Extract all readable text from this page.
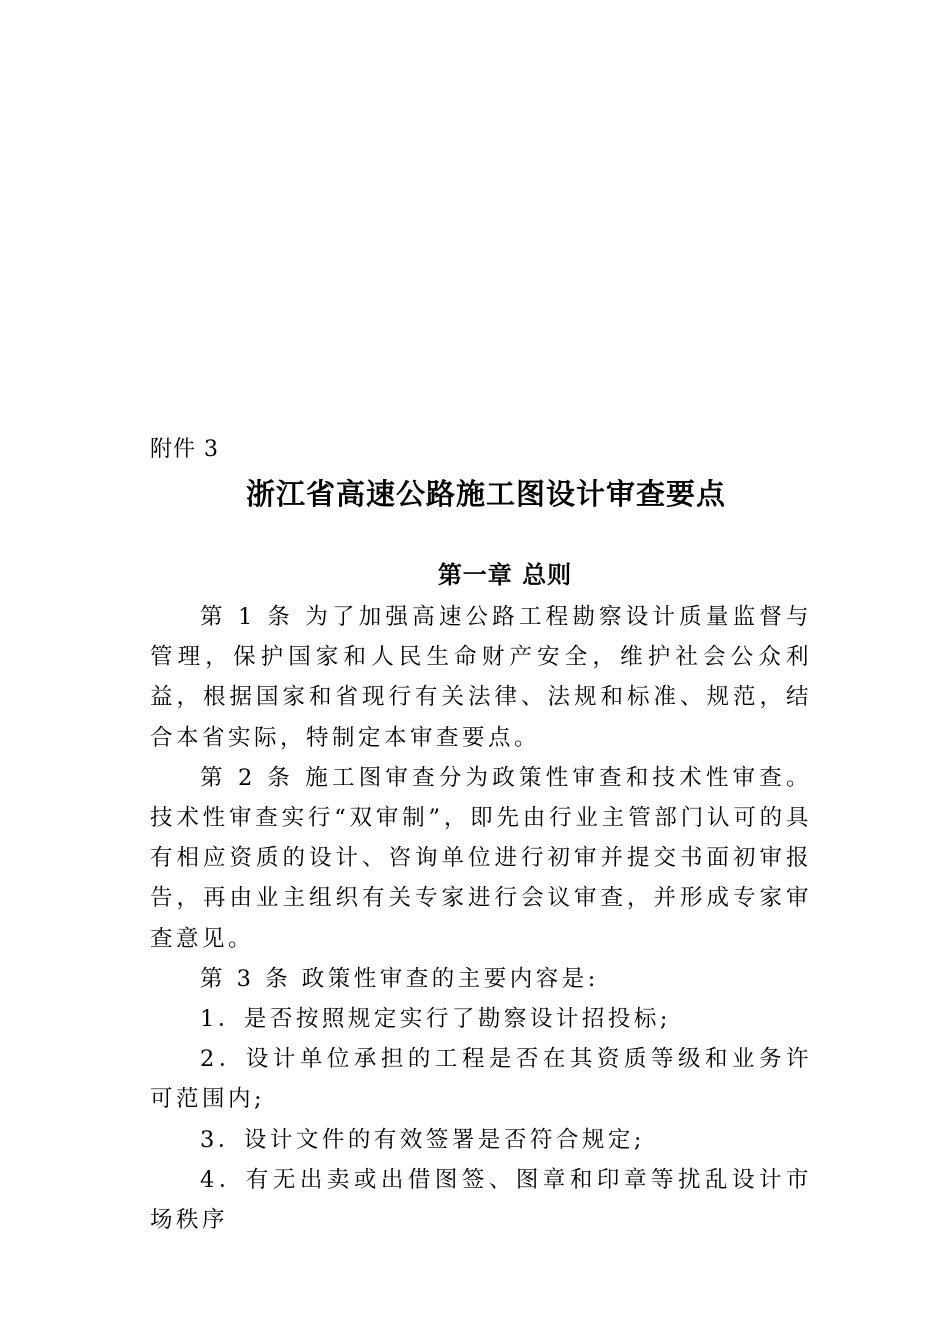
附件 3
浙江省高速公路施工图设计审查要点
第一章 总则

第 1 条 为了加强高速公路工程勘察设计质量监督与管理，保护国家和人民生命财产安全，维护社会公众利益，根据国家和省现行有关法律、法规和标准、规范，结合本省实际，特制定本审查要点。

第 2 条 施工图审查分为政策性审查和技术性审查。技术性审查实行“双审制”，即先由行业主管部门认可的具有相应资质的设计、咨询单位进行初审并提交书面初审报告，再由业主组织有关专家进行会议审查，并形成专家审查意见。

第 3 条 政策性审查的主要内容是:

1．是否按照规定实行了勘察设计招投标;

2．设计单位承担的工程是否在其资质等级和业务许可范围内;

3．设计文件的有效签署是否符合规定;

4．有无出卖或出借图签、图章和印章等扰乱设计市场秩序
